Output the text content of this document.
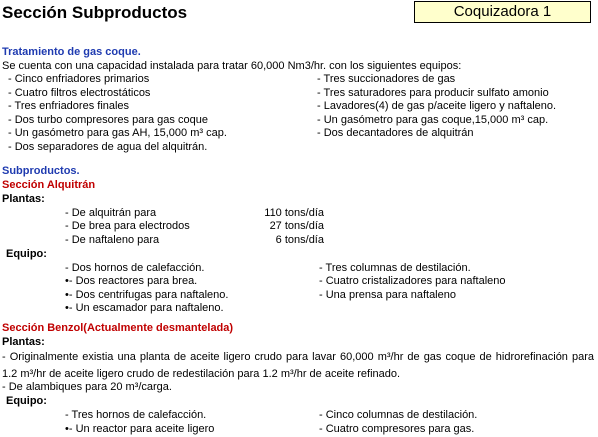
Sección Subproductos	Coquizadora 1
Tratamiento de gas coque.
Se cuenta con una capacidad instalada para tratar 60,000 Nm3/hr. con los siguientes equipos:
- Cinco enfriadores primarios
- Cuatro filtros electrostáticos
- Tres enfriadores finales
- Dos turbo compresores para gas coque
- Un gasómetro para gas AH, 15,000 m³ cap.
- Dos separadores de agua del alquitrán.
- Tres succionadores de gas
- Tres saturadores para producir sulfato amonio
- Lavadores(4) de gas p/aceite ligero y naftaleno.
- Un gasómetro para gas coque,15,000 m³ cap.
- Dos decantadores de alquitrán
Subproductos.
Sección Alquitrán
Plantas:
- De alquitrán para	110 tons/día
- De brea para electrodos	27 tons/día
- De naftaleno para	6 tons/día
Equipo:
- Dos hornos de calefacción.
•- Dos reactores para brea.
•- Dos centrifugas para naftaleno.
•- Un escamador para naftaleno.
- Tres columnas de destilación.
- Cuatro cristalizadores para naftaleno
- Una prensa para naftaleno
Sección Benzol(Actualmente desmantelada)
Plantas:
- Originalmente existia una planta de aceite ligero crudo para lavar 60,000 m³/hr de gas coque de hidrorefinación para 1.2 m³/hr de aceite ligero crudo de redestilación para 1.2 m³/hr de aceite refinado.
- De alambiques para 20 m³/carga.
Equipo:
- Tres hornos de calefacción.
•- Un reactor para aceite ligero
- Cinco columnas de destilación.
- Cuatro compresores para gas.
